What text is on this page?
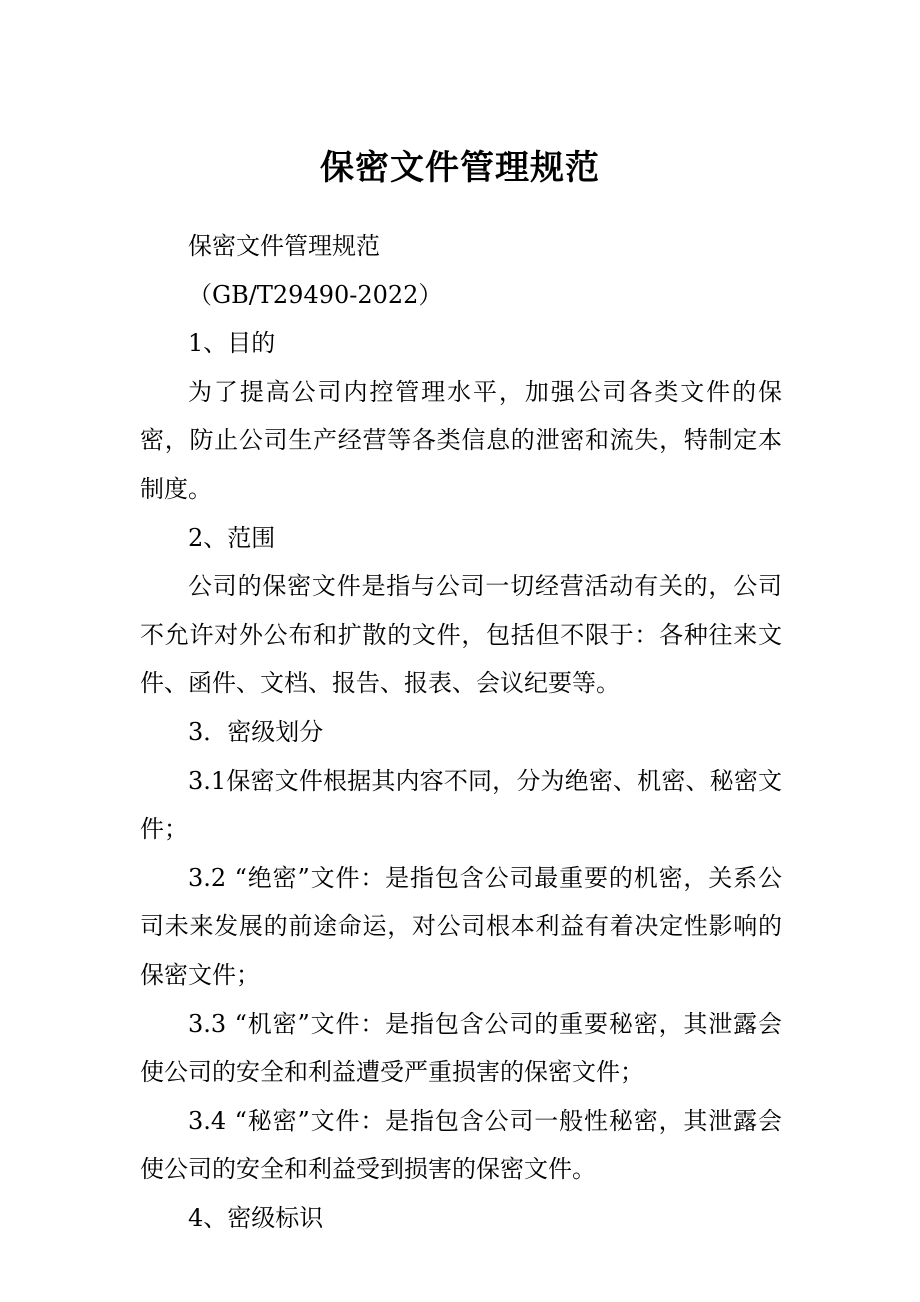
保密文件管理规范

保密文件管理规范

（GB/T29490-2022）

1、目的

为了提高公司内控管理水平，加强公司各类文件的保密，防止公司生产经营等各类信息的泄密和流失，特制定本制度。

2、范围

公司的保密文件是指与公司一切经营活动有关的，公司不允许对外公布和扩散的文件，包括但不限于：各种往来文件、函件、文档、报告、报表、会议纪要等。

3．密级划分

3.1保密文件根据其内容不同，分为绝密、机密、秘密文件；

3.2 “绝密”文件：是指包含公司最重要的机密，关系公司未来发展的前途命运，对公司根本利益有着决定性影响的保密文件；

3.3 “机密”文件：是指包含公司的重要秘密，其泄露会使公司的安全和利益遭受严重损害的保密文件；

3.4 “秘密”文件：是指包含公司一般性秘密，其泄露会使公司的安全和利益受到损害的保密文件。

4、密级标识
